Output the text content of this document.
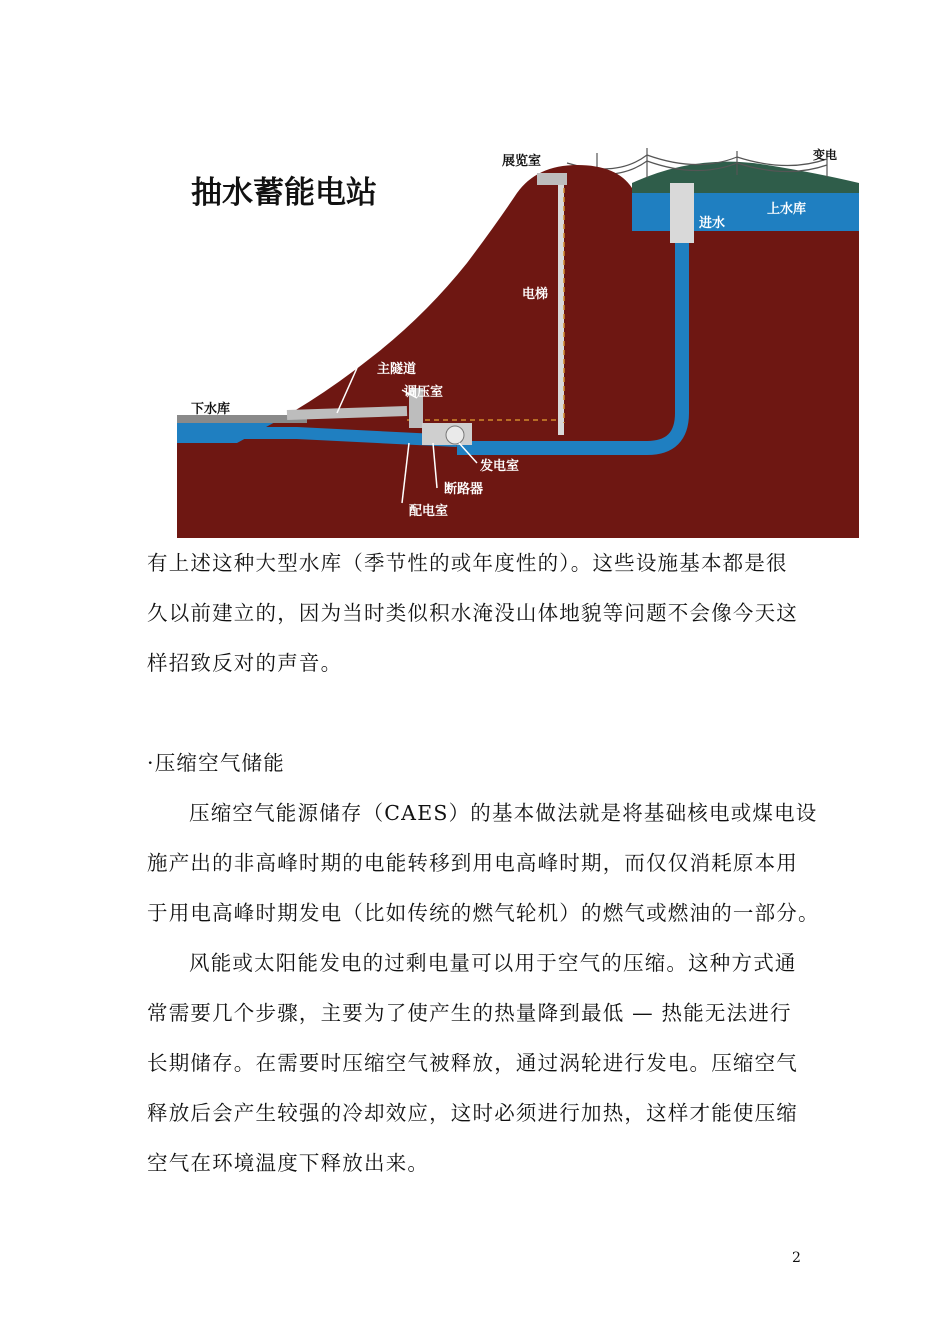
抽水蓄能电站
展览室	变电
上水库
进水
电梯
主隧道
调压室
下水库
发电室
断路器
配电室
有上述这种大型水库（季节性的或年度性的）。这些设施基本都是很
久以前建立的，因为当时类似积水淹没山体地貌等问题不会像今天这
样招致反对的声音。
·压缩空气储能
压缩空气能源储存（CAES）的基本做法就是将基础核电或煤电设
施产出的非高峰时期的电能转移到用电高峰时期，而仅仅消耗原本用
于用电高峰时期发电（比如传统的燃气轮机）的燃气或燃油的一部分。
风能或太阳能发电的过剩电量可以用于空气的压缩。这种方式通
常需要几个步骤，主要为了使产生的热量降到最低 — 热能无法进行
长期储存。在需要时压缩空气被释放，通过涡轮进行发电。压缩空气
释放后会产生较强的冷却效应，这时必须进行加热，这样才能使压缩
空气在环境温度下释放出来。
2
